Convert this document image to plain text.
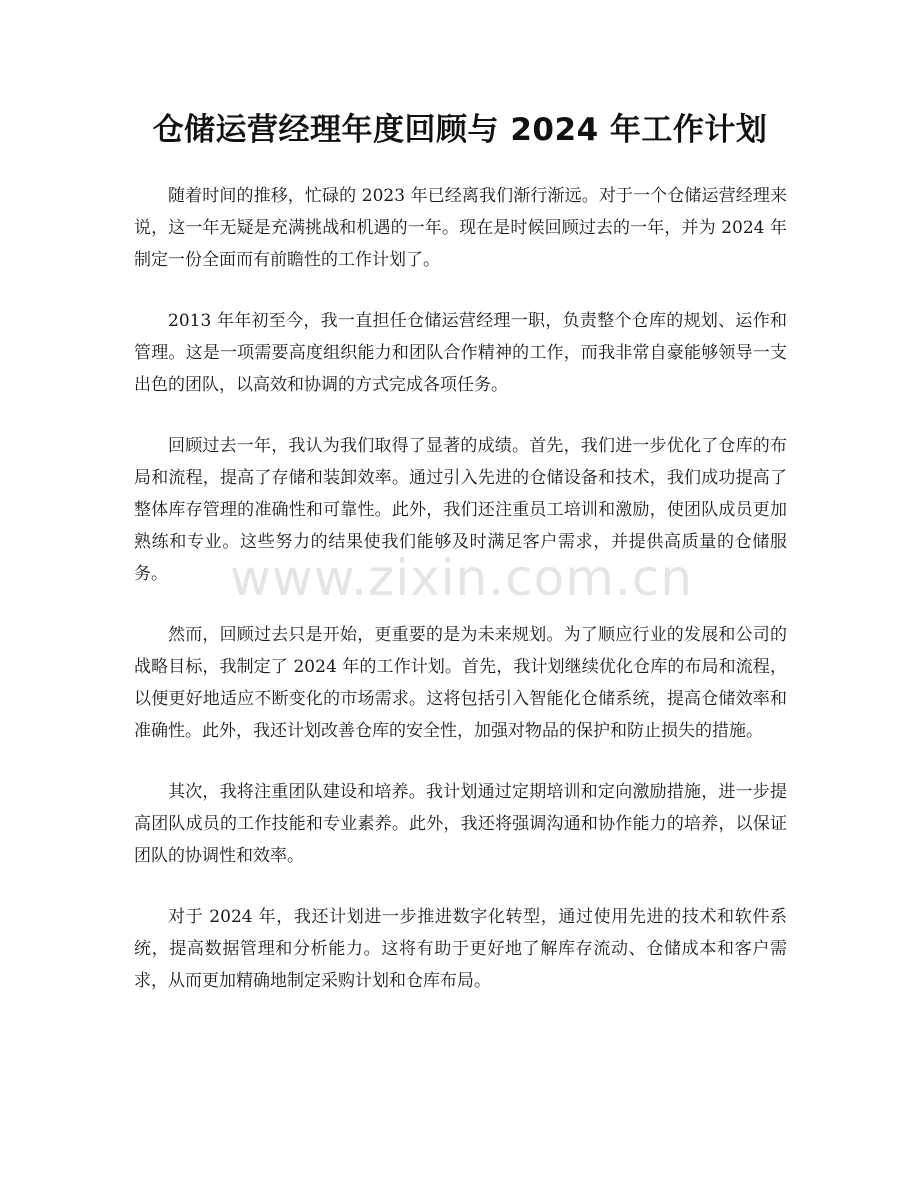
仓储运营经理年度回顾与 2024 年工作计划

随着时间的推移，忙碌的 2023 年已经离我们渐行渐远。对于一个仓储运营经理来说，这一年无疑是充满挑战和机遇的一年。现在是时候回顾过去的一年，并为 2024 年制定一份全面而有前瞻性的工作计划了。

2013 年年初至今，我一直担任仓储运营经理一职，负责整个仓库的规划、运作和管理。这是一项需要高度组织能力和团队合作精神的工作，而我非常自豪能够领导一支出色的团队，以高效和协调的方式完成各项任务。

回顾过去一年，我认为我们取得了显著的成绩。首先，我们进一步优化了仓库的布局和流程，提高了存储和装卸效率。通过引入先进的仓储设备和技术，我们成功提高了整体库存管理的准确性和可靠性。此外，我们还注重员工培训和激励，使团队成员更加熟练和专业。这些努力的结果使我们能够及时满足客户需求，并提供高质量的仓储服务。

然而，回顾过去只是开始，更重要的是为未来规划。为了顺应行业的发展和公司的战略目标，我制定了 2024 年的工作计划。首先，我计划继续优化仓库的布局和流程，以便更好地适应不断变化的市场需求。这将包括引入智能化仓储系统，提高仓储效率和准确性。此外，我还计划改善仓库的安全性，加强对物品的保护和防止损失的措施。

其次，我将注重团队建设和培养。我计划通过定期培训和定向激励措施，进一步提高团队成员的工作技能和专业素养。此外，我还将强调沟通和协作能力的培养，以保证团队的协调性和效率。

对于 2024 年，我还计划进一步推进数字化转型，通过使用先进的技术和软件系统，提高数据管理和分析能力。这将有助于更好地了解库存流动、仓储成本和客户需求，从而更加精确地制定采购计划和仓库布局。

www.zixin.com.cn
